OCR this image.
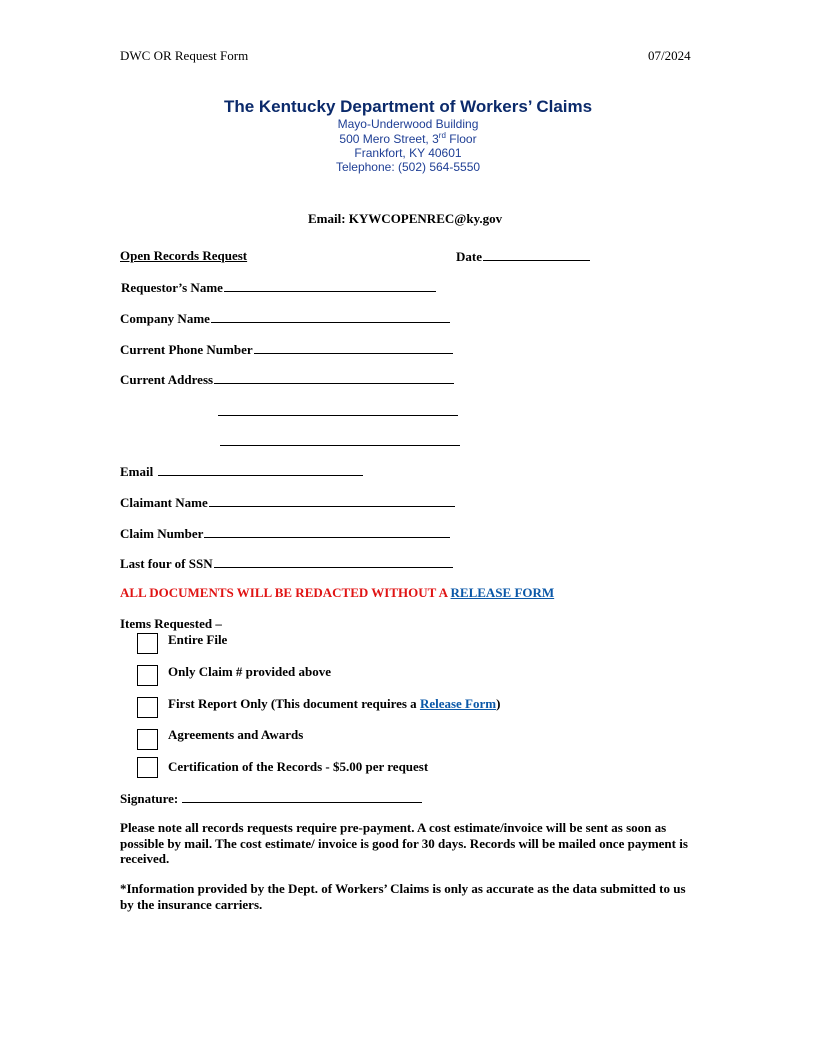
DWC OR Request Form	07/2024
The Kentucky Department of Workers’ Claims
Mayo-Underwood Building
500 Mero Street, 3rd Floor
Frankfort, KY 40601
Telephone: (502) 564-5550
Email: KYWCOPENREC@ky.gov
Open Records Request	Date
Requestor’s Name
Company Name
Current Phone Number
Current Address
Email
Claimant Name
Claim Number
Last four of SSN
ALL DOCUMENTS WILL BE REDACTED WITHOUT A RELEASE FORM
Items Requested –
Entire File
Only Claim # provided above
First Report Only (This document requires a Release Form)
Agreements and Awards
Certification of the Records - $5.00 per request
Signature:
Please note all records requests require pre-payment. A cost estimate/invoice will be sent as soon as possible by mail. The cost estimate/ invoice is good for 30 days. Records will be mailed once payment is received.
*Information provided by the Dept. of Workers’ Claims is only as accurate as the data submitted to us by the insurance carriers.
